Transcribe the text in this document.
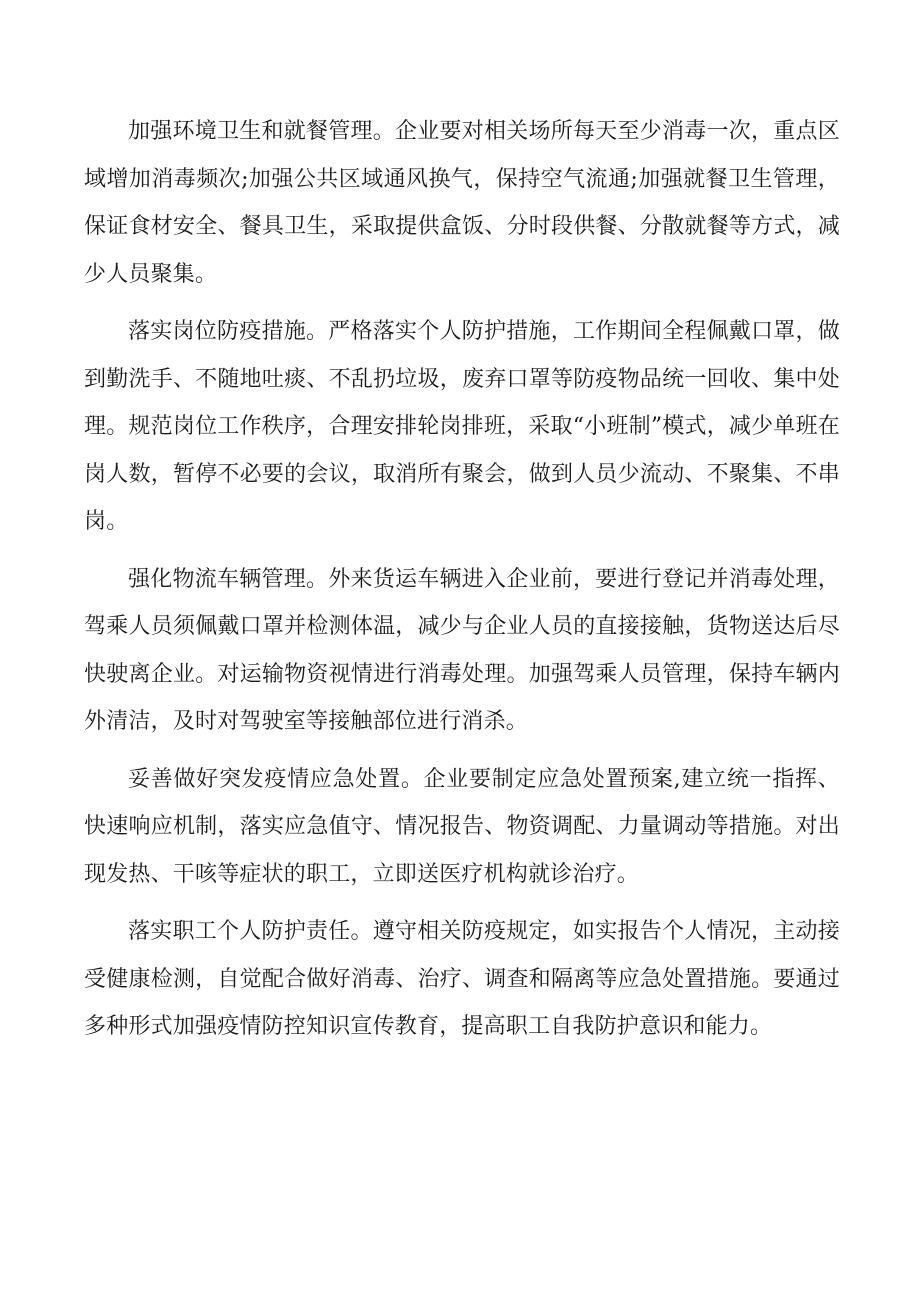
加强环境卫生和就餐管理。企业要对相关场所每天至少消毒一次，重点区域增加消毒频次;加强公共区域通风换气，保持空气流通;加强就餐卫生管理，保证食材安全、餐具卫生，采取提供盒饭、分时段供餐、分散就餐等方式，减少人员聚集。

落实岗位防疫措施。严格落实个人防护措施，工作期间全程佩戴口罩，做到勤洗手、不随地吐痰、不乱扔垃圾，废弃口罩等防疫物品统一回收、集中处理。规范岗位工作秩序，合理安排轮岗排班，采取“小班制”模式，减少单班在岗人数，暂停不必要的会议，取消所有聚会，做到人员少流动、不聚集、不串岗。

强化物流车辆管理。外来货运车辆进入企业前，要进行登记并消毒处理，驾乘人员须佩戴口罩并检测体温，减少与企业人员的直接接触，货物送达后尽快驶离企业。对运输物资视情进行消毒处理。加强驾乘人员管理，保持车辆内外清洁，及时对驾驶室等接触部位进行消杀。

妥善做好突发疫情应急处置。企业要制定应急处置预案,建立统一指挥、快速响应机制，落实应急值守、情况报告、物资调配、力量调动等措施。对出现发热、干咳等症状的职工，立即送医疗机构就诊治疗。

落实职工个人防护责任。遵守相关防疫规定，如实报告个人情况，主动接受健康检测，自觉配合做好消毒、治疗、调查和隔离等应急处置措施。要通过多种形式加强疫情防控知识宣传教育，提高职工自我防护意识和能力。
